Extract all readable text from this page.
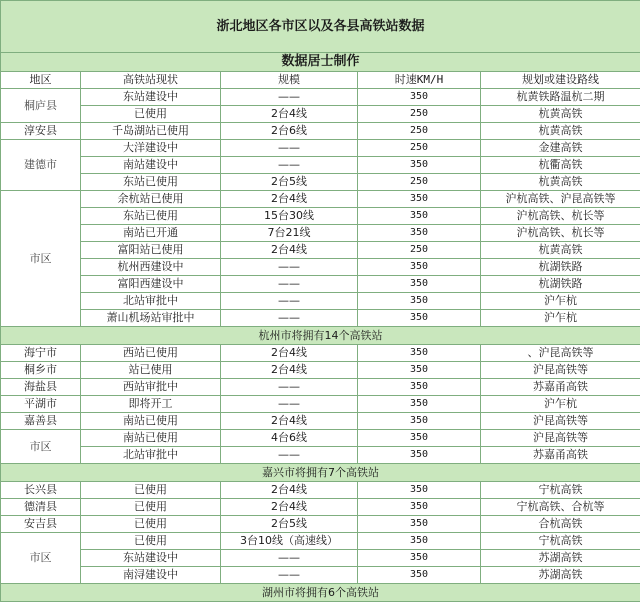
浙北地区各市区以及各县高铁站数据				
数据居士制作				
地区	高铁站现状	规模	时速KM/H	规划或建设路线
桐庐县	东站建设中	——	350	杭黄铁路温杭二期
	已使用	2台4线	250	杭黄高铁
淳安县	千岛湖站已使用	2台6线	250	杭黄高铁
建德市	大洋建设中	——	250	金建高铁
	南站建设中	——	350	杭衢高铁
	东站已使用	2台5线	250	杭黄高铁
市区	余杭站已使用	2台4线	350	沪杭高铁、沪昆高铁等
	东站已使用	15台30线	350	沪杭高铁、杭长等
	南站已开通	7台21线	350	沪杭高铁、杭长等
	富阳站已使用	2台4线	250	杭黄高铁
	杭州西建设中	——	350	杭湖铁路
	富阳西建设中	——	350	杭湖铁路
	北站审批中	——	350	沪乍杭
	萧山机场站审批中	——	350	沪乍杭
杭州市将拥有14个高铁站				
海宁市	西站已使用	2台4线	350	、沪昆高铁等
桐乡市	站已使用	2台4线	350	沪昆高铁等
海盐县	西站审批中	——	350	苏嘉甬高铁
平湖市	即将开工	——	350	沪乍杭
嘉善县	南站已使用	2台4线	350	沪昆高铁等
市区	南站已使用	4台6线	350	沪昆高铁等
	北站审批中	——	350	苏嘉甬高铁
嘉兴市将拥有7个高铁站				
长兴县	已使用	2台4线	350	宁杭高铁
德清县	已使用	2台4线	350	宁杭高铁、合杭等
安吉县	已使用	2台5线	350	合杭高铁
市区	已使用	3台10线（高速线）	350	宁杭高铁
	东站建设中	——	350	苏湖高铁
	南浔建设中	——	350	苏湖高铁
湖州市将拥有6个高铁站				
